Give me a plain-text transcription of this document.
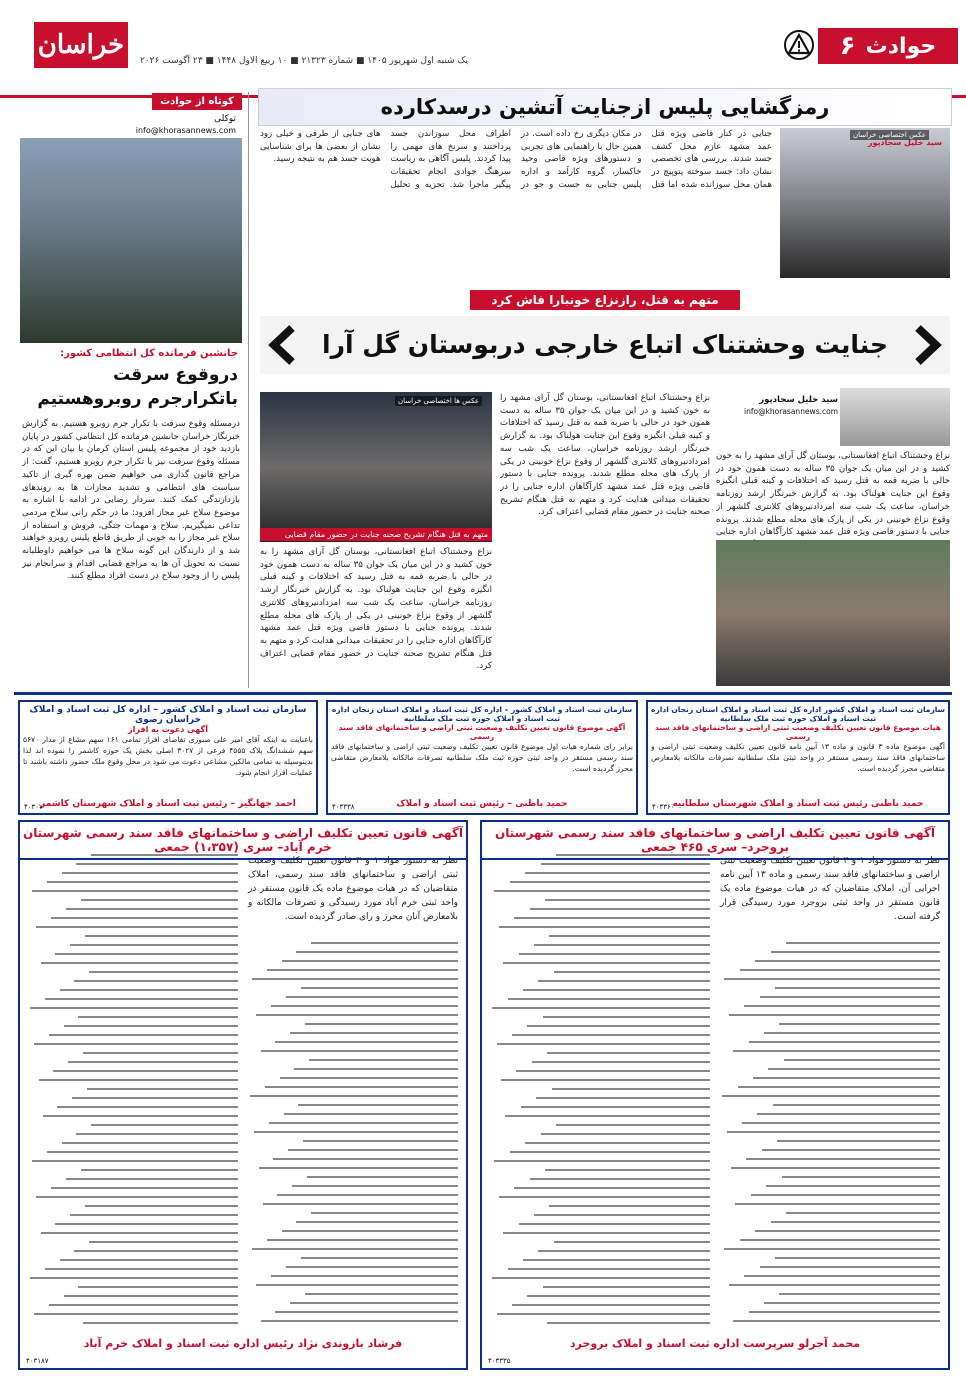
حوادث
۶
خراسان
یک شنبه اول شهریور ۱۴۰۵ ■ شماره ۲۱۳۲۳ ■ ۱۰ ربیع الاول ۱۴۴۸ ■ ۲۳ آگوست ۲۰۲۶
کوتاه از حوادث
توکلی
info@khorasannews.com
جانشین فرمانده کل انتظامی کشور:
دروقوع سرقت باتکرارجرم روبروهستیم
درمسئله وقوع سرقت با تکرار جرم روبرو هستیم. به گزارش خبرنگار خراسان جانشین فرمانده کل انتظامی کشور در پایان بازدید خود از مجموعه پلیس استان کرمان با بیان این که در مسئله وقوع سرقت نیز با تکرار جرم روبرو هستیم، گفت: از مراجع قانون گذاری می خواهیم ضمن بهره گیری از تاکید سیاست های انتظامی و تشدید مجازات ها به روندهای بازدارندگی کمک کنند. سردار رضایی در ادامه با اشاره به موضوع سلاح غیر مجاز افزود: ما در حکم رانی سلاح مردمی تداعی نمیگیریم. سلاح و مهمات جنگی، فروش و استفاده از سلاح غیر مجاز را به خوبی از طریق قاطع پلیس روبرو خواهند شد و از دارندگان این گونه سلاح ها می خواهیم داوطلبانه نسبت به تحویل آن ها به مراجع قضایی اقدام و سرانجام نیز پلیس را از وجود سلاح در دست افراد مطلع کنند.
رمزگشایی پلیس ازجنایت آتشین درسدکارده
عکس اختصاصی خراسان
سید خلیل سجادپور
جنایی در کنار قاضی ویژه قتل عمد مشهد عازم محل کشف جسد شدند. بررسی های تخصصی نشان داد: جسد سوخته پتوپیچ در همان محل سوزانده شده اما قتل در مکان دیگری رخ داده است. در همین حال با راهنمایی های تجربی و دستورهای ویژه قاضی وحید خاکسار، گروه کارآمد و اداره پلیس جنایی به جست و جو در اطراف محل سوزاندن جسد پرداختند و سرنخ های مهمی را پیدا کردند. پلیس آگاهی به ریاست سرهنگ جوادی انجام تحقیقات پیگیر ماجرا شد. تجزیه و تحلیل های جنایی از طرفی و خیلی زود نشان از بعضی ها برای شناسایی هویت جسد هم به نتیجه رسید.
متهم به قتل، رازنزاع خونبارا فاش کرد
جنایت وحشتناک اتباع خارجی دربوستان گل آرا
سید خلیل سجادپور
info@khorasannews.com
نزاع وحشتناک اتباع افغانستانی، بوستان گل آرای مشهد را به خون کشید و در این میان یک جوان ۳۵ ساله به دست همون خود در حالی با ضربه قمه به قتل رسید که اختلافات و کینه قبلی انگیزه وقوع این جنایت هولناک بود. به گزارش خبرنگار ارشد روزنامه خراسان، ساعت یک شب سه امردادنیروهای کلانتری گلشهر از وقوع نزاع خونینی در یکی از پارک های محله مطلع شدند. پرونده جنایی با دستور قاضی ویژه قتل عمد مشهد کارآگاهان اداره جنایی
نزاع وحشتناک اتباع افغانستانی، بوستان گل آرای مشهد را به خون کشید و در این میان یک جوان ۳۵ ساله به دست همون خود در حالی با ضربه قمه به قتل رسید که اختلافات و کینه قبلی انگیزه وقوع این جنایت هولناک بود. به گزارش خبرنگار ارشد روزنامه خراسان، ساعت یک شب سه امردادنیروهای کلانتری گلشهر از وقوع نزاع خونینی در یکی از پارک های محله مطلع شدند. پرونده جنایی با دستور قاضی ویژه قتل عمد مشهد کارآگاهان اداره جنایی را در تحقیقات میدانی هدایت کرد و متهم به قتل هنگام تشریح صحنه جنایت در حضور مقام قضایی اعتراف کرد.
عکس ها اختصاصی خراسان
متهم به قتل هنگام تشریح صحنه جنایت در حضور مقام قضایی
نزاع وحشتناک اتباع افغانستانی، بوستان گل آرای مشهد را به خون کشید و در این میان یک جوان ۳۵ ساله به دست همون خود در حالی با ضربه قمه به قتل رسید که اختلافات و کینه قبلی انگیزه وقوع این جنایت هولناک بود. به گزارش خبرنگار ارشد روزنامه خراسان، ساعت یک شب سه امردادنیروهای کلانتری گلشهر از وقوع نزاع خونینی در یکی از پارک های محله مطلع شدند. پرونده جنایی با دستور قاضی ویژه قتل عمد مشهد کارآگاهان اداره جنایی را در تحقیقات میدانی هدایت کرد و متهم به قتل هنگام تشریح صحنه جنایت در حضور مقام قضایی اعتراف کرد.
سازمان ثبت اسناد و املاک کشور – اداره کل ثبت اسناد و املاک خراسان رضوی
آگهی دعوت به افراز
باعنایت به اینکه آقای امیر علی صبوری تقاضای افراز تمامی ۱۶۱ سهم مشاع از مدار ۵۶۷۰ سهم ششدانگ پلاک ۴۵۵۵ فرعی از ۳۰۲۷ اصلی بخش یک حوزه کاشمر را نموده اند لذا بدینوسیله به تمامی مالکین مشاعی دعوت می شود در محل وقوع ملک حضور داشته باشند تا عملیات افراز انجام شود.
احمد جهانگیر – رئیس ثبت اسناد و املاک شهرستان کاشمر
۴۰۳۰۷
سازمان ثبت اسناد و املاک کشور – اداره کل ثبت اسناد و املاک استان زنجان اداره ثبت اسناد و املاک حوزه ثبت ملک سلطانیه
آگهی موضوع قانون تعیین تکلیف وضعیت ثبتی اراضی و ساختمانهای فاقد سند رسمی
برابر رای شماره هیات اول موضوع قانون تعیین تکلیف وضعیت ثبتی اراضی و ساختمانهای فاقد سند رسمی مستقر در واحد ثبتی حوزه ثبت ملک سلطانیه تصرفات مالکانه بلامعارض متقاضی محرز گردیده است.
حمید باطنی – رئیس ثبت اسناد و املاک
۴۰۳۳۳۸
سازمان ثبت اسناد و املاک کشور اداره کل ثبت اسناد و املاک استان زنجان اداره ثبت اسناد و املاک حوزه ثبت ملک سلطانیه
هیات موضوع قانون تعیین تکلیف وضعیت ثبتی اراضی و ساختمانهای فاقد سند رسمی
آگهی موضوع ماده ۳ قانون و ماده ۱۳ آیین نامه قانون تعیین تکلیف وضعیت ثبتی اراضی و ساختمانهای فاقد سند رسمی مستقر در واحد ثبتی ملک سلطانیه تصرفات مالکانه بلامعارض متقاضی محرز گردیده است.
حمید باطنی رئیس ثبت اسناد و املاک شهرستان سلطانیه
۴۰۳۳۶۰
آگهی قانون تعیین تکلیف اراضی و ساختمانهای فاقد سند رسمی شهرستان خرم آباد– سری (۱،۳۵۷) جمعی
نظر به دستور مواد ۱ و ۳ قانون تعیین تکلیف وضعیت ثبتی اراضی و ساختمانهای فاقد سند رسمی، املاک متقاضیان که در هیات موضوع ماده یک قانون مستقر در واحد ثبتی خرم آباد مورد رسیدگی و تصرفات مالکانه و بلامعارض آنان محرز و رای صادر گردیده است.
فرشاد بازوندی نژاد رئیس اداره ثبت اسناد و املاک خرم آباد
۴۰۳۱۸۷
آگهی قانون تعیین تکلیف اراضی و ساختمانهای فاقد سند رسمی شهرستان بروجرد– سری ۴۶۵ جمعی
نظر به دستور مواد ۱ و ۳ قانون تعیین تکلیف وضعیت ثبتی اراضی و ساختمانهای فاقد سند رسمی و ماده ۱۳ آیین نامه اجرایی آن، املاک متقاضیان که در هیات موضوع ماده یک قانون مستقر در واحد ثبتی بروجرد مورد رسیدگی قرار گرفته است.
محمد آجرلو سرپرست اداره ثبت اسناد و املاک بروجرد
۴۰۳۳۳۵
